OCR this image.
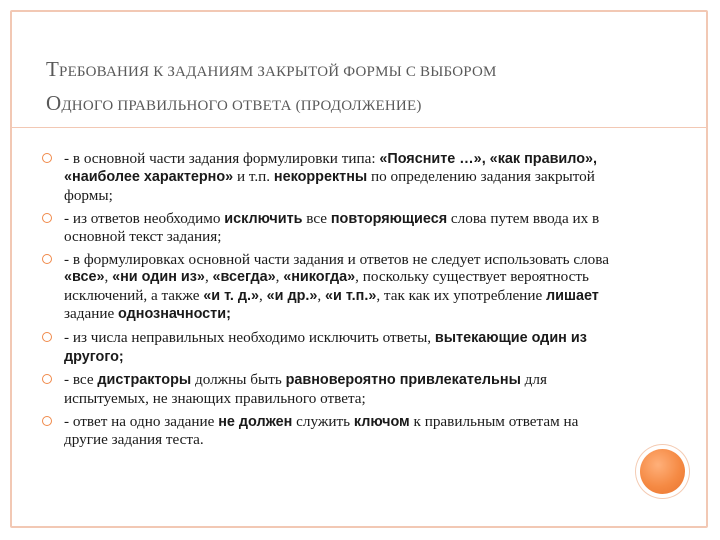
ТРЕБОВАНИЯ К ЗАДАНИЯМ ЗАКРЫТОЙ ФОРМЫ С ВЫБОРОМ
ОДНОГО ПРАВИЛЬНОГО ОТВЕТА (ПРОДОЛЖЕНИЕ)
- в основной части задания формулировки типа: «Поясните …», «как правило», «наиболее характерно» и т.п. некорректны по определению задания закрытой формы;
- из ответов необходимо исключить все повторяющиеся слова путем ввода их в основной текст задания;
- в формулировках основной части задания и ответов не следует использовать слова «все», «ни один из», «всегда», «никогда», поскольку существует вероятность исключений, а также «и т. д.», «и др.», «и т.п.», так как их употребление лишает задание однозначности;
- из числа неправильных необходимо исключить ответы, вытекающие один из другого;
- все дистракторы должны быть равновероятно привлекательны для испытуемых, не знающих правильного ответа;
- ответ на одно задание не должен служить ключом к правильным ответам на другие задания теста.
